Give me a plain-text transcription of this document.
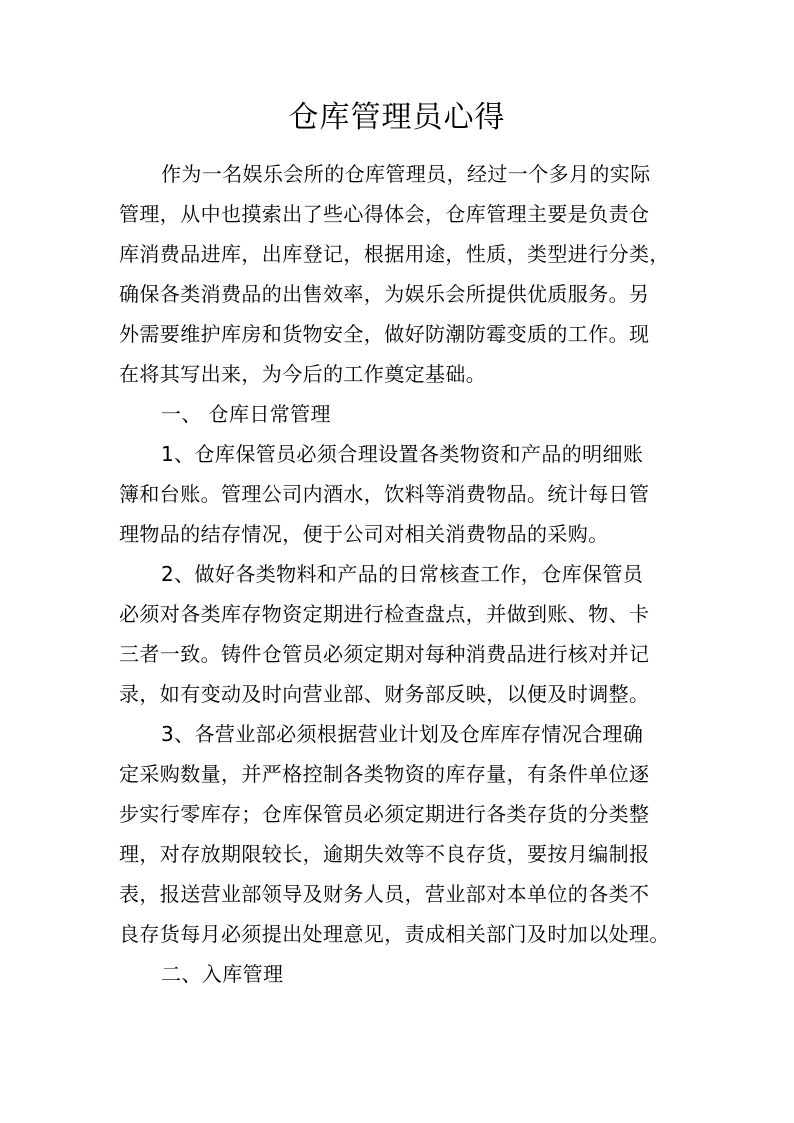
仓库管理员心得
作为一名娱乐会所的仓库管理员，经过一个多月的实际
管理，从中也摸索出了些心得体会，仓库管理主要是负责仓
库消费品进库，出库登记，根据用途，性质，类型进行分类，
确保各类消费品的出售效率，为娱乐会所提供优质服务。另
外需要维护库房和货物安全，做好防潮防霉变质的工作。现
在将其写出来，为今后的工作奠定基础。
一、 仓库日常管理
1、仓库保管员必须合理设置各类物资和产品的明细账
簿和台账。管理公司内酒水，饮料等消费物品。统计每日管
理物品的结存情况，便于公司对相关消费物品的采购。
2、做好各类物料和产品的日常核查工作，仓库保管员
必须对各类库存物资定期进行检查盘点，并做到账、物、卡
三者一致。铸件仓管员必须定期对每种消费品进行核对并记
录，如有变动及时向营业部、财务部反映，以便及时调整。
3、各营业部必须根据营业计划及仓库库存情况合理确
定采购数量，并严格控制各类物资的库存量，有条件单位逐
步实行零库存；仓库保管员必须定期进行各类存货的分类整
理，对存放期限较长，逾期失效等不良存货，要按月编制报
表，报送营业部领导及财务人员，营业部对本单位的各类不
良存货每月必须提出处理意见，责成相关部门及时加以处理。
二、入库管理
